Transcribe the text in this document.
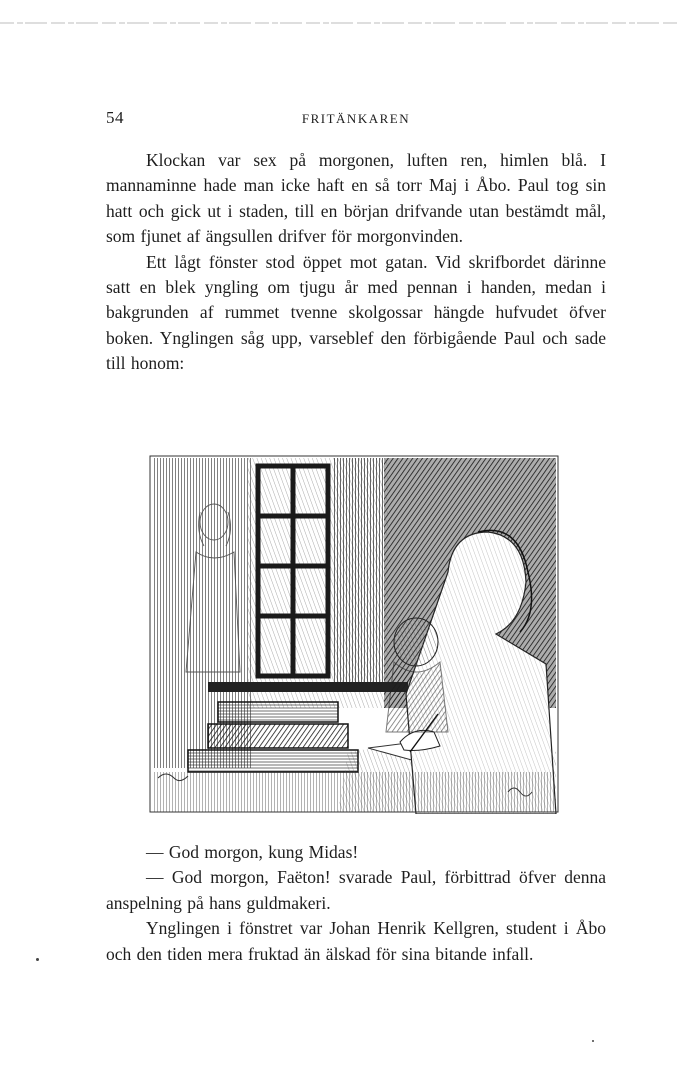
54	FRITÄNKAREN

Klockan var sex på morgonen, luften ren, himlen blå. I mannaminne hade man icke haft en så torr Maj i Åbo. Paul tog sin hatt och gick ut i staden, till en början drifvande utan bestämdt mål, som fjunet af ängsullen drifver för morgonvinden.

Ett lågt fönster stod öppet mot gatan. Vid skrifbordet därinne satt en blek yngling om tjugu år med pennan i handen, medan i bakgrunden af rummet tvenne skolgossar hängde hufvudet öfver boken. Ynglingen såg upp, varseblef den förbigående Paul och sade till honom:

— God morgon, kung Midas!

— God morgon, Faëton! svarade Paul, förbittrad öfver denna anspelning på hans guldmakeri.

Ynglingen i fönstret var Johan Henrik Kellgren, student i Åbo och den tiden mera fruktad än älskad för sina bitande infall.
